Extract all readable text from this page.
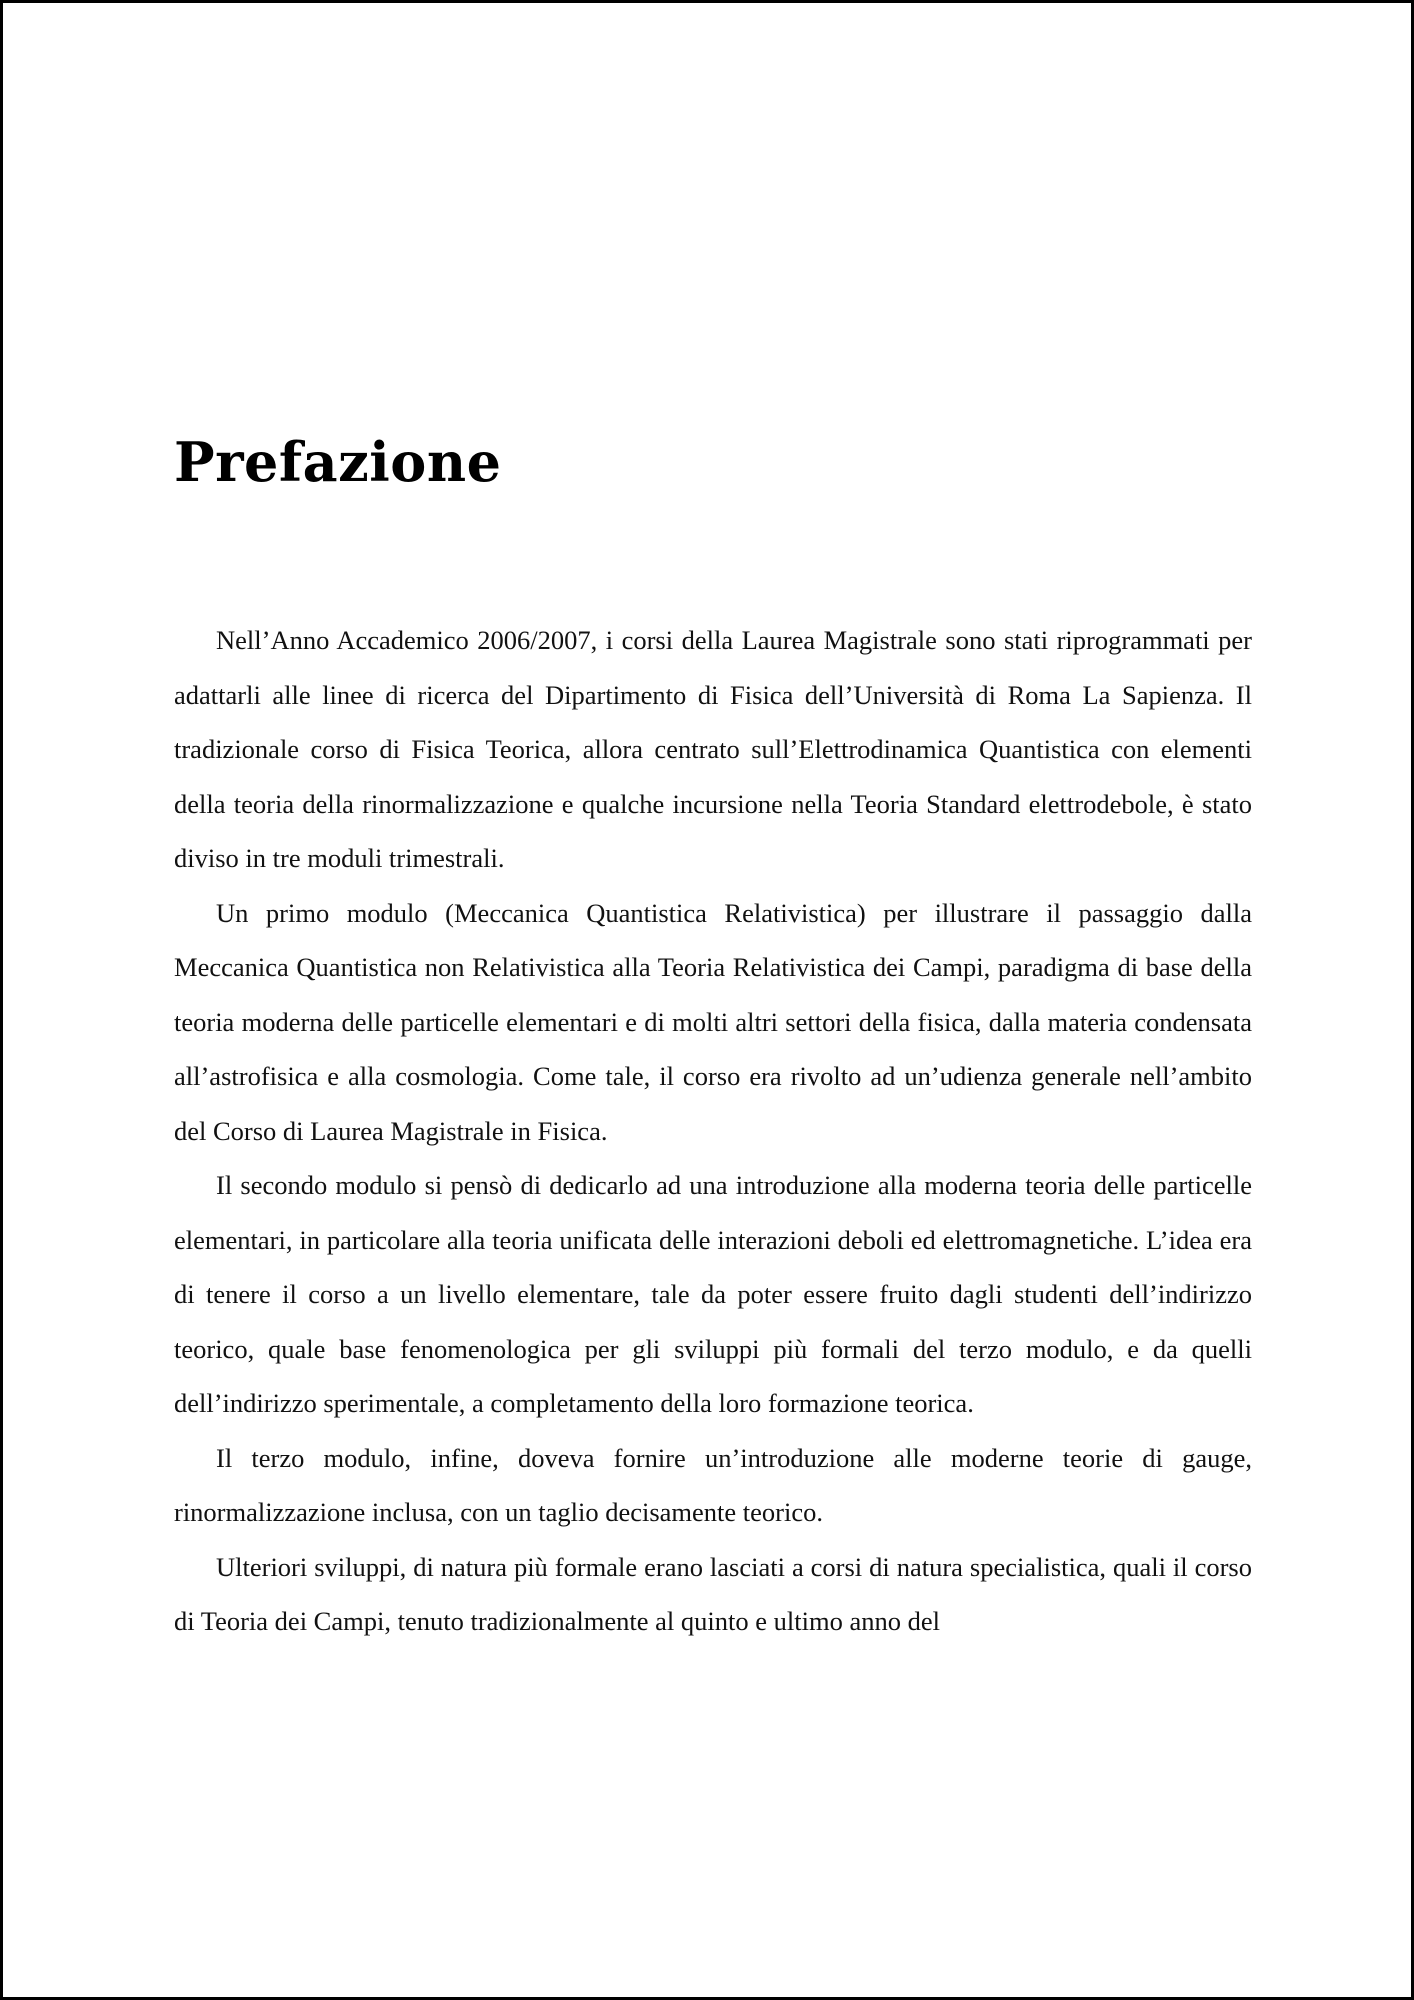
Prefazione

Nell’Anno Accademico 2006/2007, i corsi della Laurea Magistrale sono stati riprogrammati per adattarli alle linee di ricerca del Dipartimento di Fisica dell’Università di Roma La Sapienza. Il tradizionale corso di Fisica Teorica, allora centrato sull’Elettrodinamica Quantistica con elementi della teoria della rinormalizzazione e qualche incursione nella Teoria Standard elettrodebole, è stato diviso in tre moduli trimestrali.

Un primo modulo (Meccanica Quantistica Relativistica) per illustrare il passaggio dalla Meccanica Quantistica non Relativistica alla Teoria Relativistica dei Campi, paradigma di base della teoria moderna delle particelle elementari e di molti altri settori della fisica, dalla materia condensata all’astrofisica e alla cosmologia. Come tale, il corso era rivolto ad un’udienza generale nell’ambito del Corso di Laurea Magistrale in Fisica.

Il secondo modulo si pensò di dedicarlo ad una introduzione alla moderna teoria delle particelle elementari, in particolare alla teoria unificata delle interazioni deboli ed elettromagnetiche. L’idea era di tenere il corso a un livello elementare, tale da poter essere fruito dagli studenti dell’indirizzo teorico, quale base fenomenologica per gli sviluppi più formali del terzo modulo, e da quelli dell’indirizzo sperimentale, a completamento della loro formazione teorica.

Il terzo modulo, infine, doveva fornire un’introduzione alle moderne teorie di gauge, rinormalizzazione inclusa, con un taglio decisamente teorico.

Ulteriori sviluppi, di natura più formale erano lasciati a corsi di natura specialistica, quali il corso di Teoria dei Campi, tenuto tradizionalmente al quinto e ultimo anno del
